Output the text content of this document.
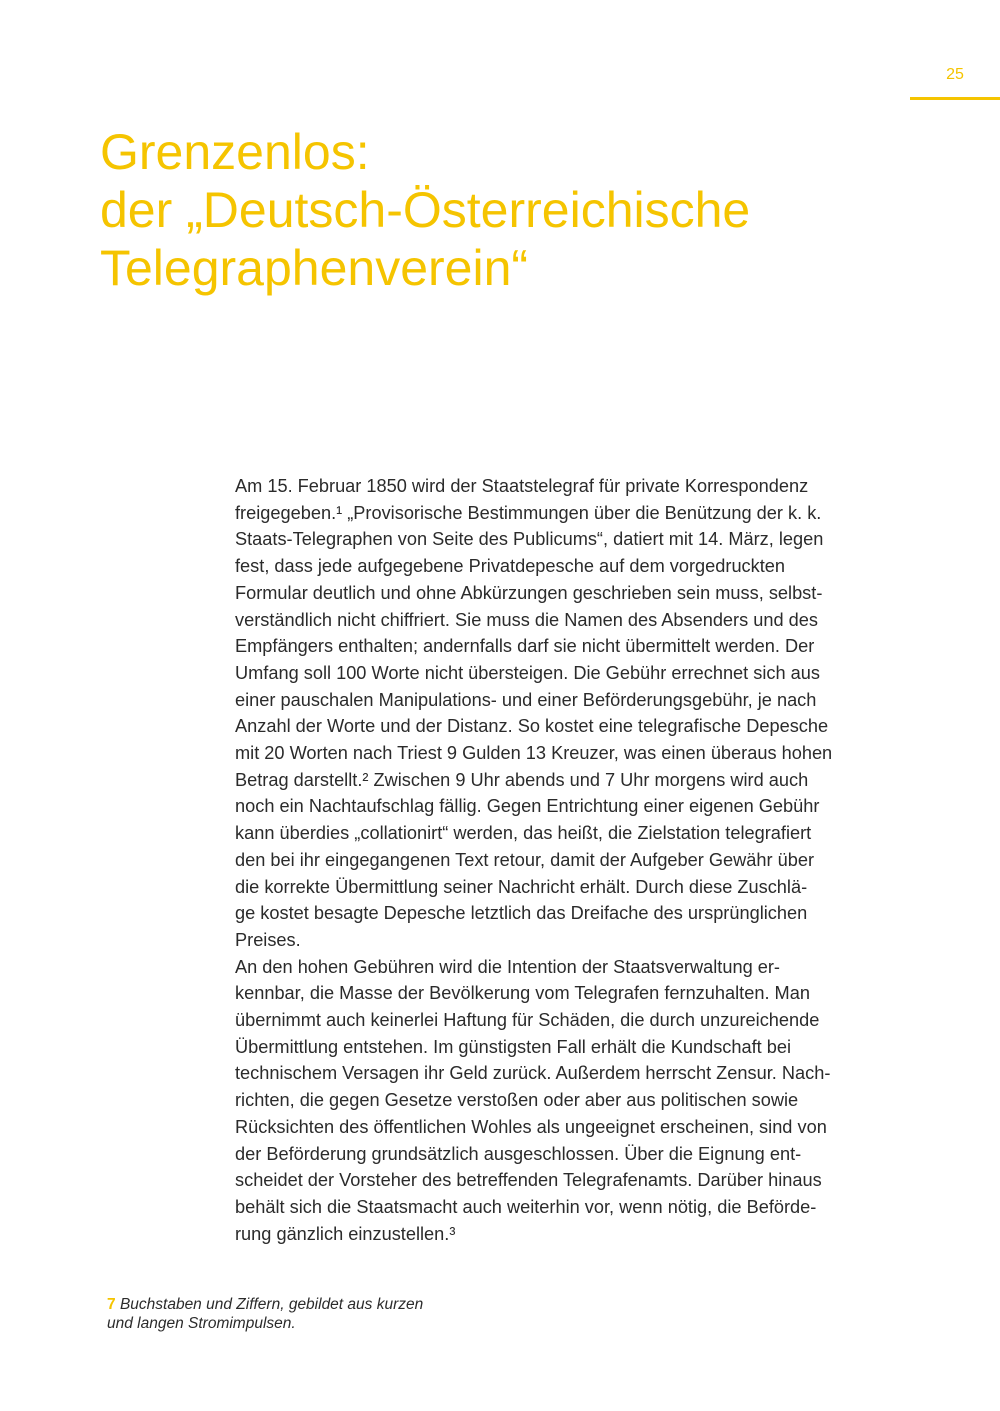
25
Grenzenlos:
der „Deutsch-Österreichische
Telegraphenverein“
Am 15. Februar 1850 wird der Staatstelegraf für private Korrespondenz
freigegeben.¹ „Provisorische Bestimmungen über die Benützung der k. k.
Staats-Telegraphen von Seite des Publicums“, datiert mit 14. März, legen
fest, dass jede aufgegebene Privatdepesche auf dem vorgedruckten
Formular deutlich und ohne Abkürzungen geschrieben sein muss, selbst-
verständlich nicht chiffriert. Sie muss die Namen des Absenders und des
Empfängers enthalten; andernfalls darf sie nicht übermittelt werden. Der
Umfang soll 100 Worte nicht übersteigen. Die Gebühr errechnet sich aus
einer pauschalen Manipulations- und einer Beförderungsgebühr, je nach
Anzahl der Worte und der Distanz. So kostet eine telegrafische Depesche
mit 20 Worten nach Triest 9 Gulden 13 Kreuzer, was einen überaus hohen
Betrag darstellt.² Zwischen 9 Uhr abends und 7 Uhr morgens wird auch
noch ein Nachtaufschlag fällig. Gegen Entrichtung einer eigenen Gebühr
kann überdies „collationirt“ werden, das heißt, die Zielstation telegrafiert
den bei ihr eingegangenen Text retour, damit der Aufgeber Gewähr über
die korrekte Übermittlung seiner Nachricht erhält. Durch diese Zuschlä-
ge kostet besagte Depesche letztlich das Dreifache des ursprünglichen
Preises.
An den hohen Gebühren wird die Intention der Staatsverwaltung er-
kennbar, die Masse der Bevölkerung vom Telegrafen fernzuhalten. Man
übernimmt auch keinerlei Haftung für Schäden, die durch unzureichende
Übermittlung entstehen. Im günstigsten Fall erhält die Kundschaft bei
technischem Versagen ihr Geld zurück. Außerdem herrscht Zensur. Nach-
richten, die gegen Gesetze verstoßen oder aber aus politischen sowie
Rücksichten des öffentlichen Wohles als ungeeignet erscheinen, sind von
der Beförderung grundsätzlich ausgeschlossen. Über die Eignung ent-
scheidet der Vorsteher des betreffenden Telegrafenamts. Darüber hinaus
behält sich die Staatsmacht auch weiterhin vor, wenn nötig, die Beförde-
rung gänzlich einzustellen.³
7 Buchstaben und Ziffern, gebildet aus kurzen
und langen Stromimpulsen.
